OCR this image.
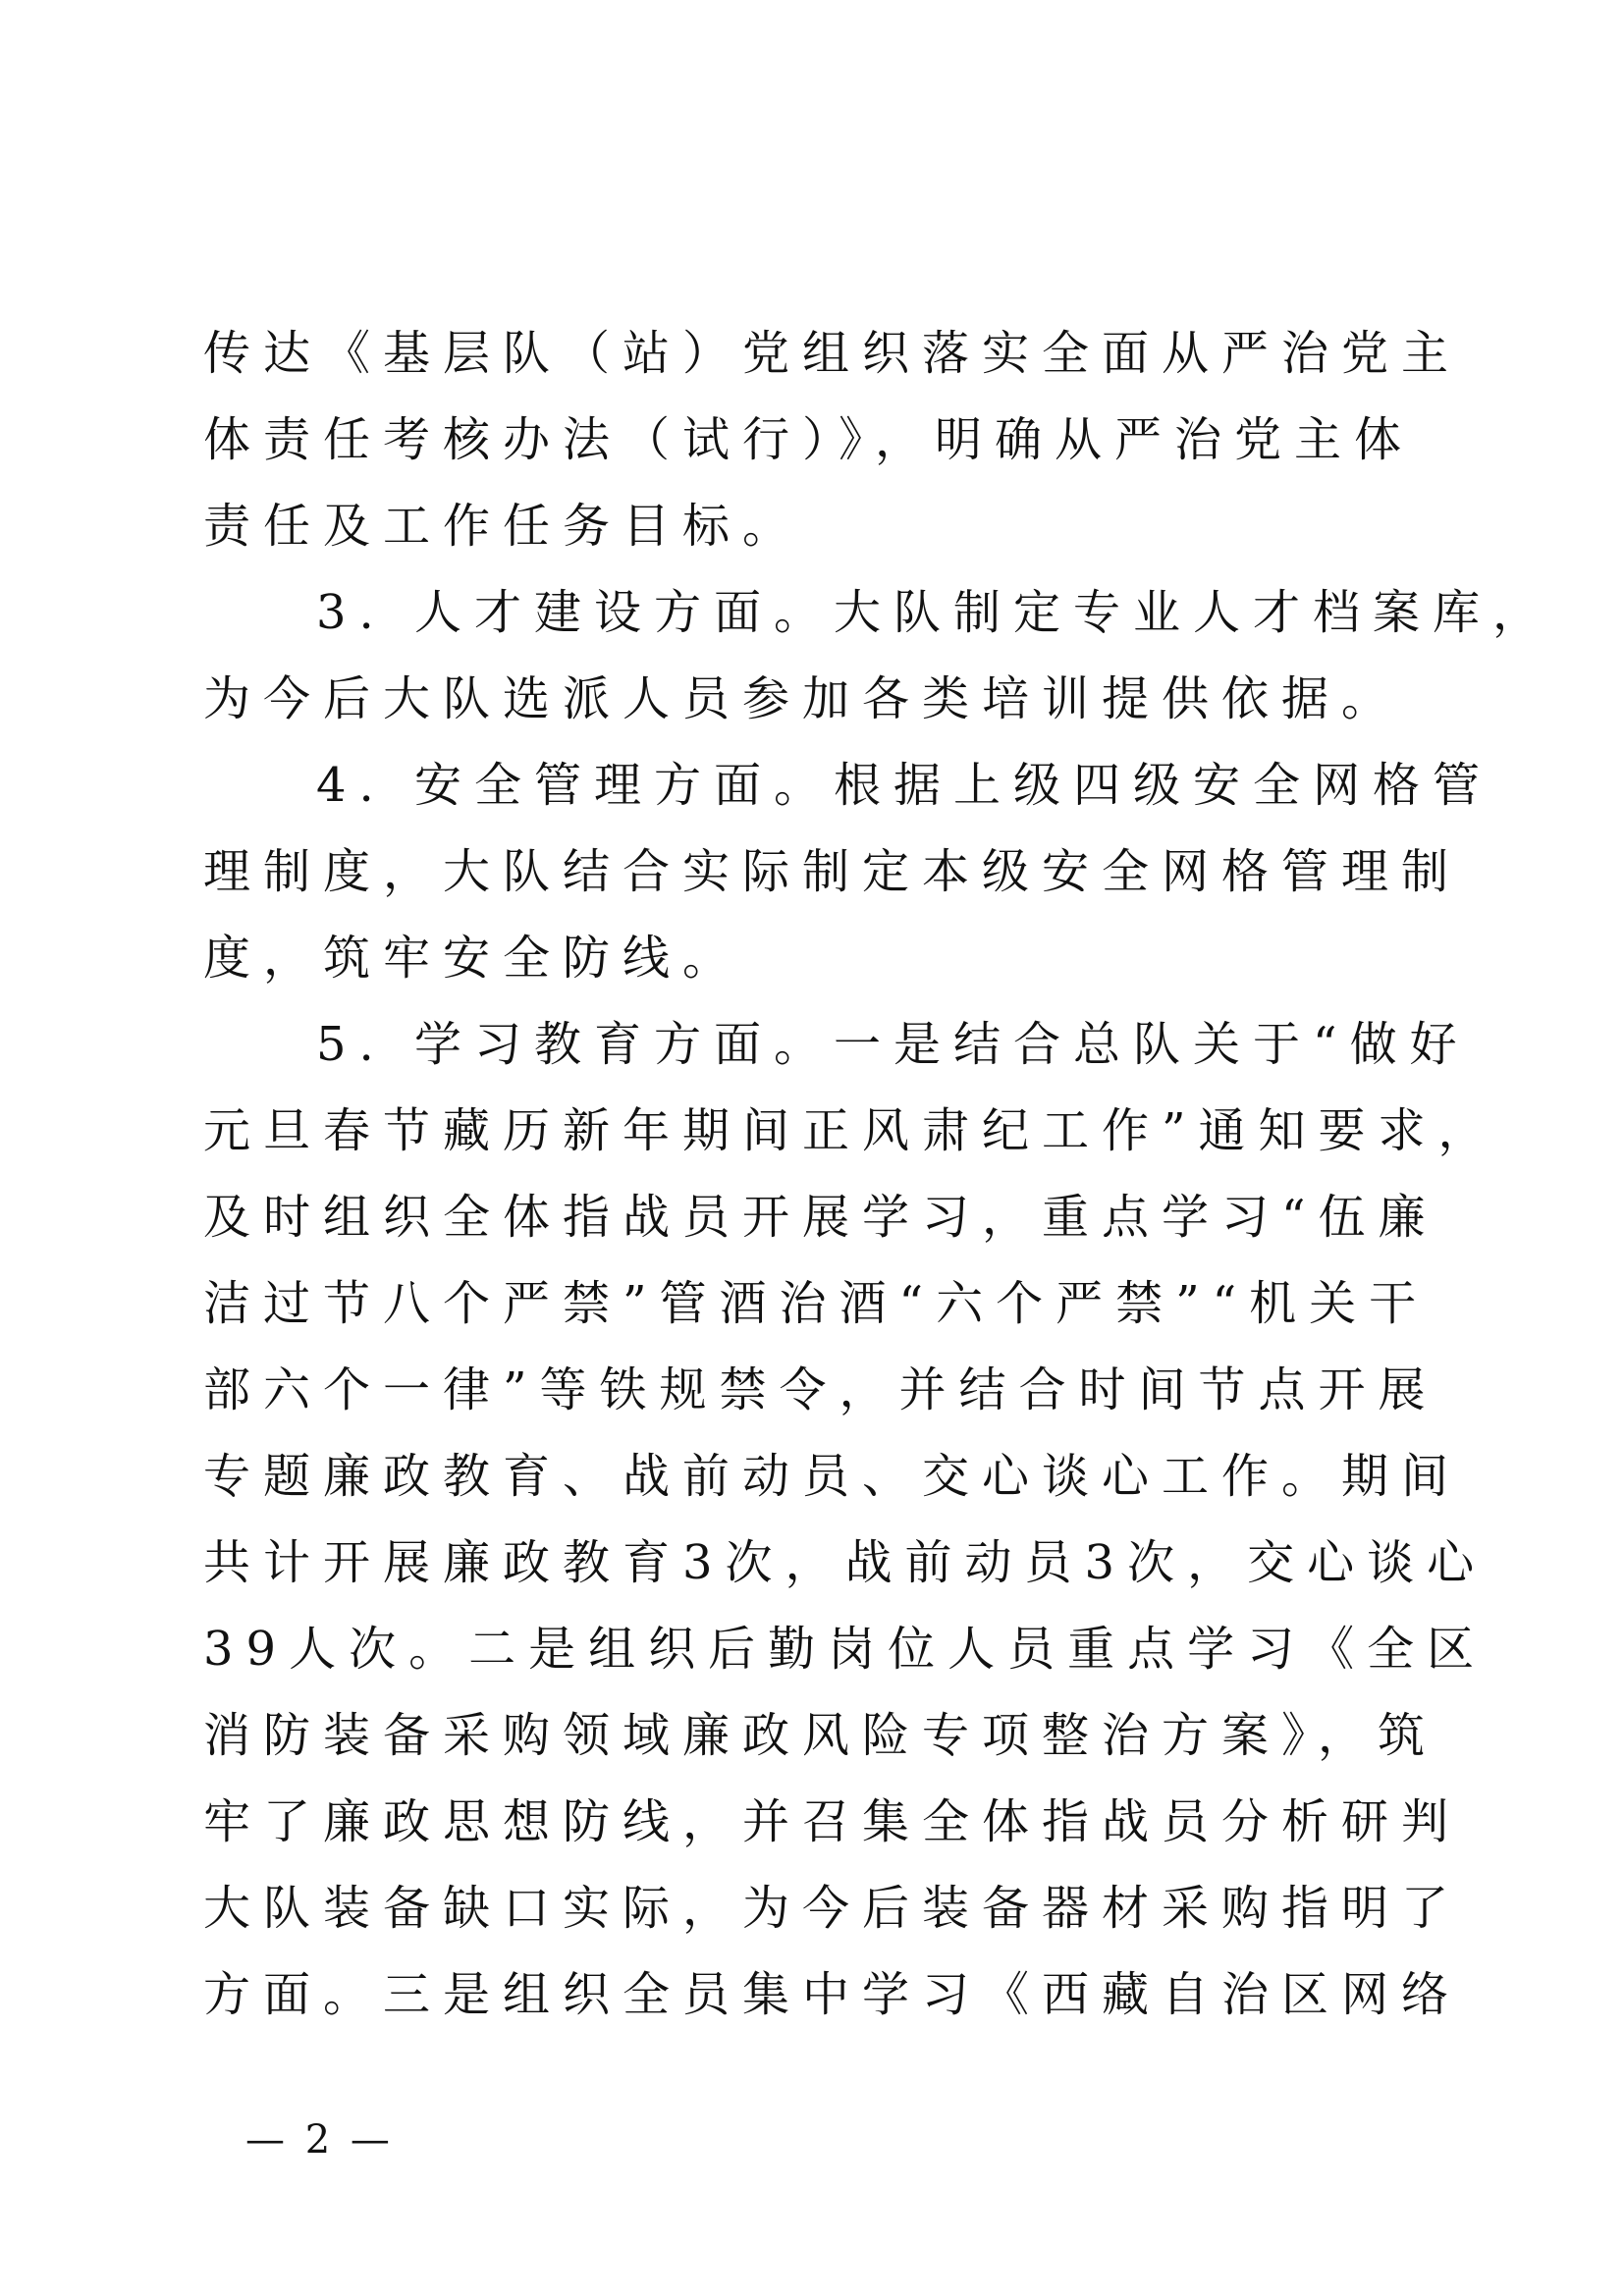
传达《基层队（站）党组织落实全面从严治党主
体责任考核办法（试行）》，明确从严治党主体
责任及工作任务目标。
3. 人才建设方面。大队制定专业人才档案库，
为今后大队选派人员参加各类培训提供依据。
4. 安全管理方面。根据上级四级安全网格管
理制度，大队结合实际制定本级安全网格管理制
度，筑牢安全防线。
5. 学习教育方面。一是结合总队关于“做好
元旦春节藏历新年期间正风肃纪工作”通知要求，
及时组织全体指战员开展学习，重点学习“伍廉
洁过节八个严禁”管酒治酒“六个严禁”“机关干
部六个一律”等铁规禁令，并结合时间节点开展
专题廉政教育、战前动员、交心谈心工作。期间
共计开展廉政教育3次，战前动员3次，交心谈心
39人次。二是组织后勤岗位人员重点学习《全区
消防装备采购领域廉政风险专项整治方案》，筑
牢了廉政思想防线，并召集全体指战员分析研判
大队装备缺口实际，为今后装备器材采购指明了
方面。三是组织全员集中学习《西藏自治区网络
— 2 —
